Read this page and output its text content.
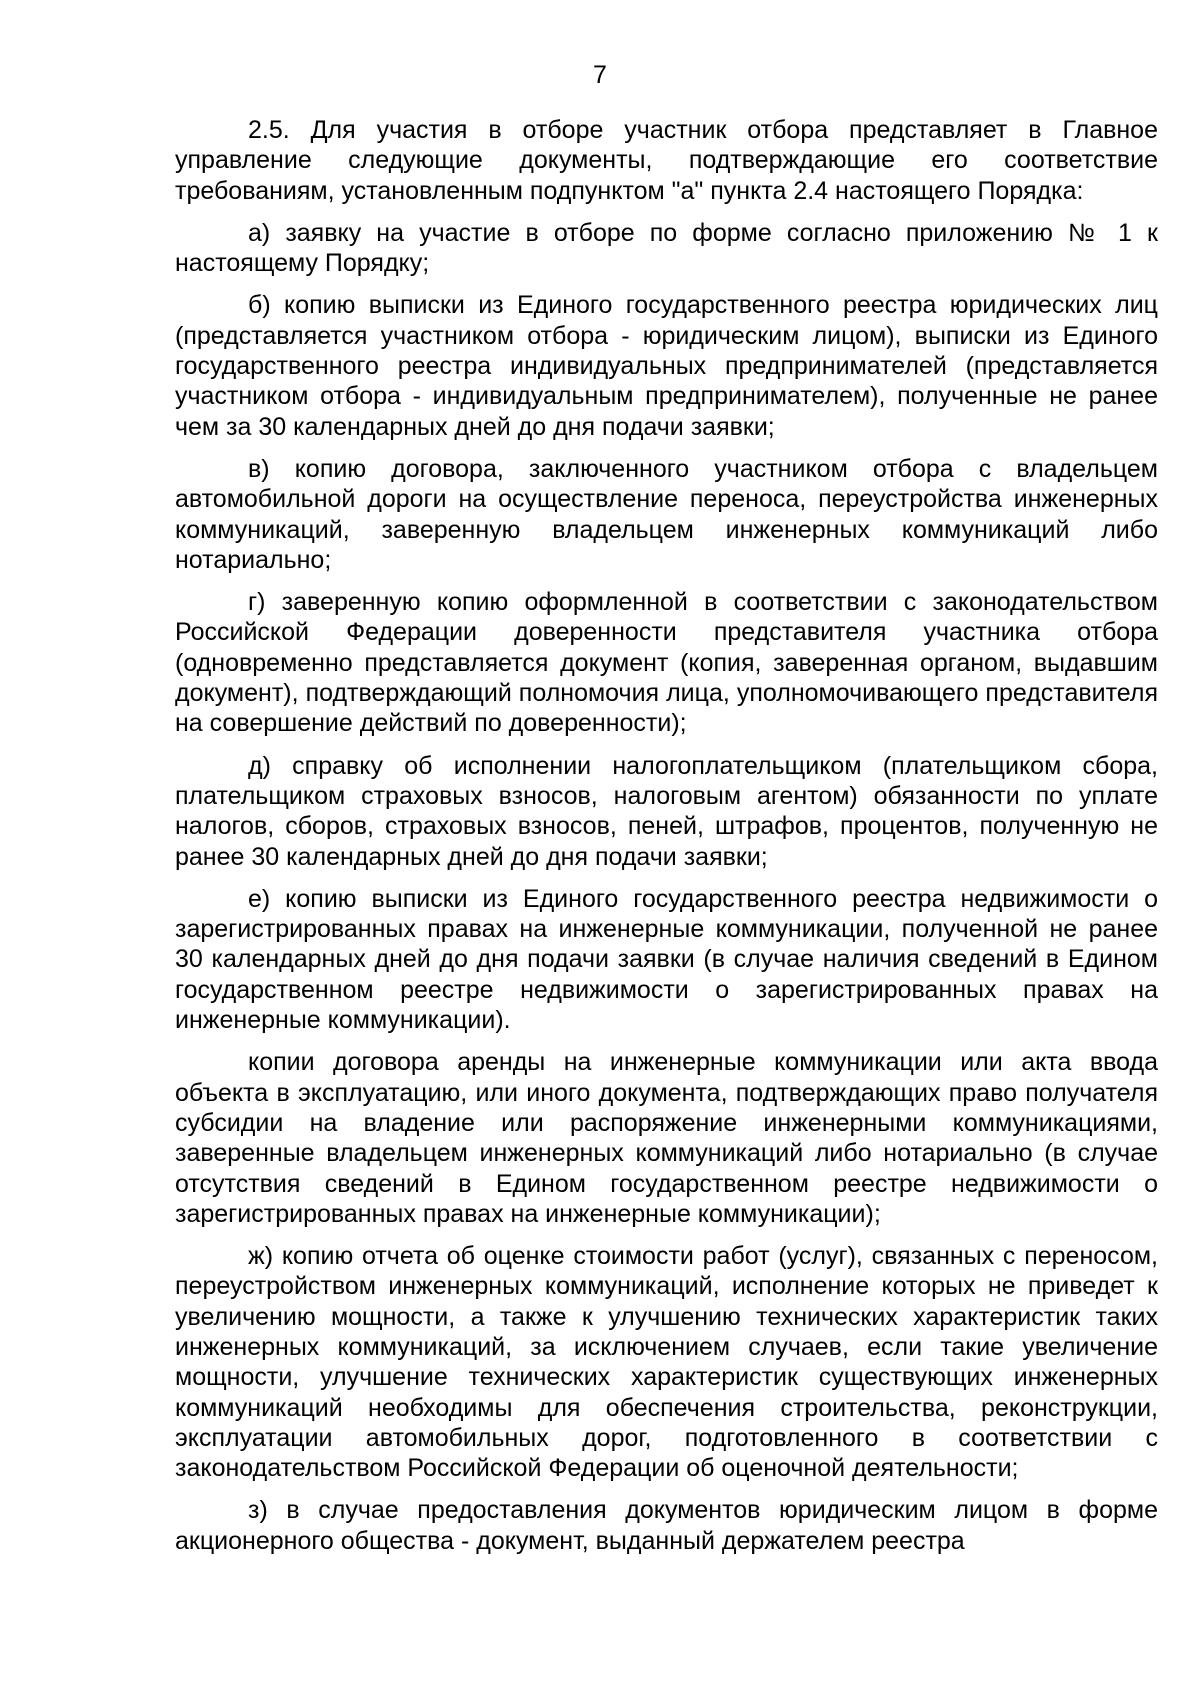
7

2.5. Для участия в отборе участник отбора представляет в Главное управление следующие документы, подтверждающие его соответствие требованиям, установленным подпунктом "а" пункта 2.4 настоящего Порядка:

а) заявку на участие в отборе по форме согласно приложению № 1 к настоящему Порядку;

б) копию выписки из Единого государственного реестра юридических лиц (представляется участником отбора - юридическим лицом), выписки из Единого государственного реестра индивидуальных предпринимателей (представляется участником отбора - индивидуальным предпринимателем), полученные не ранее чем за 30 календарных дней до дня подачи заявки;

в) копию договора, заключенного участником отбора с владельцем автомобильной дороги на осуществление переноса, переустройства инженерных коммуникаций, заверенную владельцем инженерных коммуникаций либо нотариально;

г) заверенную копию оформленной в соответствии с законодательством Российской Федерации доверенности представителя участника отбора (одновременно представляется документ (копия, заверенная органом, выдавшим документ), подтверждающий полномочия лица, уполномочивающего представителя на совершение действий по доверенности);

д) справку об исполнении налогоплательщиком (плательщиком сбора, плательщиком страховых взносов, налоговым агентом) обязанности по уплате налогов, сборов, страховых взносов, пеней, штрафов, процентов, полученную не ранее 30 календарных дней до дня подачи заявки;

е) копию выписки из Единого государственного реестра недвижимости о зарегистрированных правах на инженерные коммуникации, полученной не ранее 30 календарных дней до дня подачи заявки (в случае наличия сведений в Едином государственном реестре недвижимости о зарегистрированных правах на инженерные коммуникации).

копии договора аренды на инженерные коммуникации или акта ввода объекта в эксплуатацию, или иного документа, подтверждающих право получателя субсидии на владение или распоряжение инженерными коммуникациями, заверенные владельцем инженерных коммуникаций либо нотариально (в случае отсутствия сведений в Едином государственном реестре недвижимости о зарегистрированных правах на инженерные коммуникации);

ж) копию отчета об оценке стоимости работ (услуг), связанных с переносом, переустройством инженерных коммуникаций, исполнение которых не приведет к увеличению мощности, а также к улучшению технических характеристик таких инженерных коммуникаций, за исключением случаев, если такие увеличение мощности, улучшение технических характеристик существующих инженерных коммуникаций необходимы для обеспечения строительства, реконструкции, эксплуатации автомобильных дорог, подготовленного в соответствии с законодательством Российской Федерации об оценочной деятельности;

з) в случае предоставления документов юридическим лицом в форме акционерного общества - документ, выданный держателем реестра
